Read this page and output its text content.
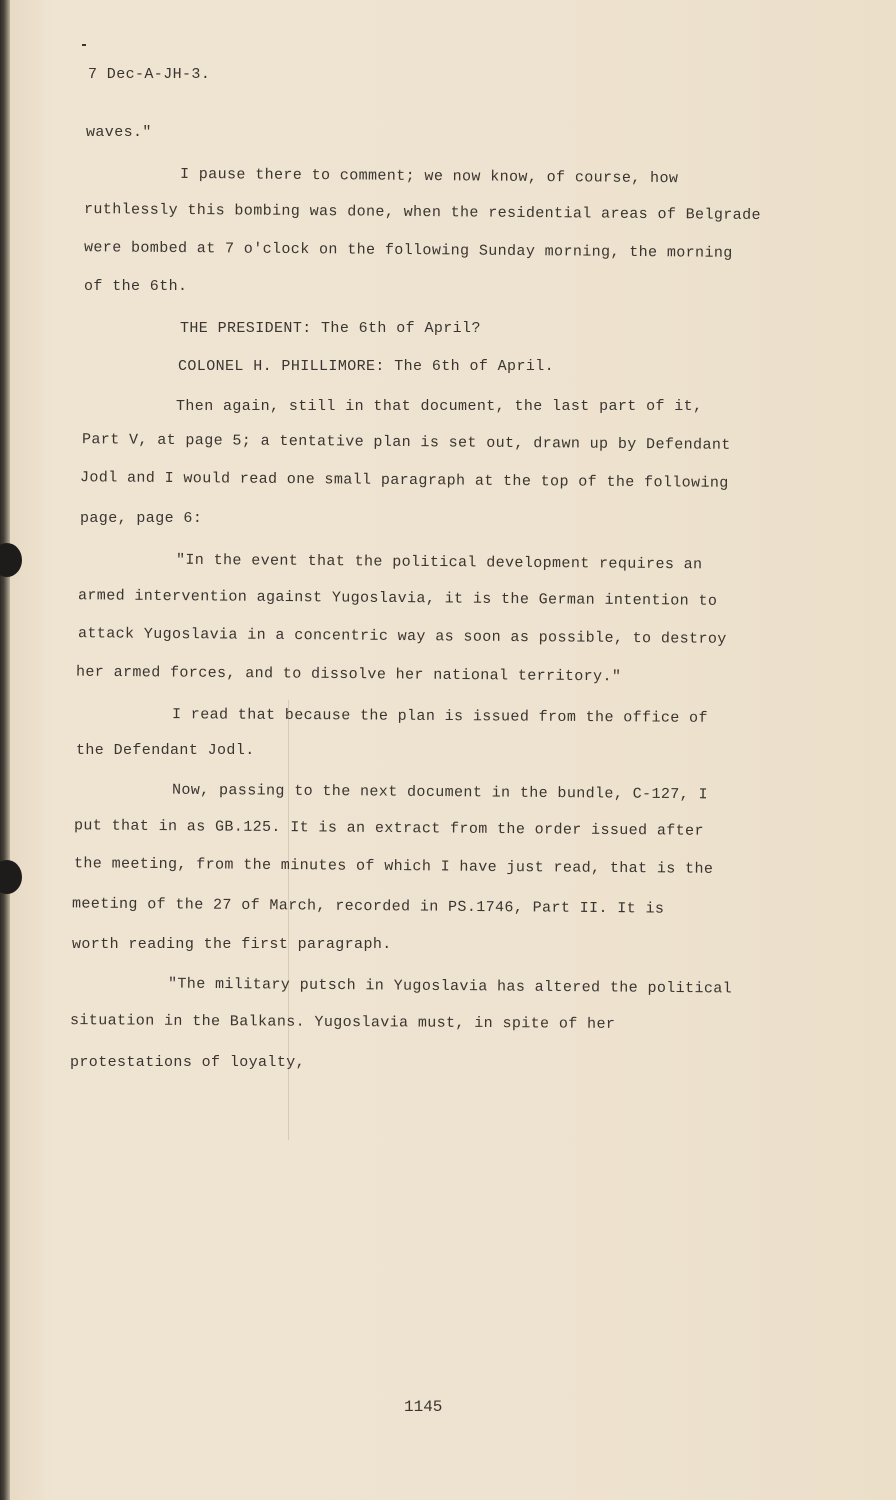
7 Dec-A-JH-3.
waves."
I pause there to comment; we now know, of course, how
ruthlessly this bombing was done, when the residential areas of Belgrade
were bombed at 7 o'clock on the following Sunday morning, the morning
of the 6th.
THE PRESIDENT: The 6th of April?
COLONEL H. PHILLIMORE: The 6th of April.
Then again, still in that document, the last part of it,
Part V, at page 5; a tentative plan is set out, drawn up by Defendant
Jodl and I would read one small paragraph at the top of the following
page, page 6:
"In the event that the political development requires an
armed intervention against Yugoslavia, it is the German intention to
attack Yugoslavia in a concentric way as soon as possible, to destroy
her armed forces, and to dissolve her national territory."
I read that because the plan is issued from the office of
the Defendant Jodl.
Now, passing to the next document in the bundle, C-127, I
put that in as GB.125. It is an extract from the order issued after
the meeting, from the minutes of which I have just read, that is the
meeting of the 27 of March, recorded in PS.1746, Part II. It is
worth reading the first paragraph.
"The military putsch in Yugoslavia has altered the political
situation in the Balkans. Yugoslavia must, in spite of her
protestations of loyalty,
1145
